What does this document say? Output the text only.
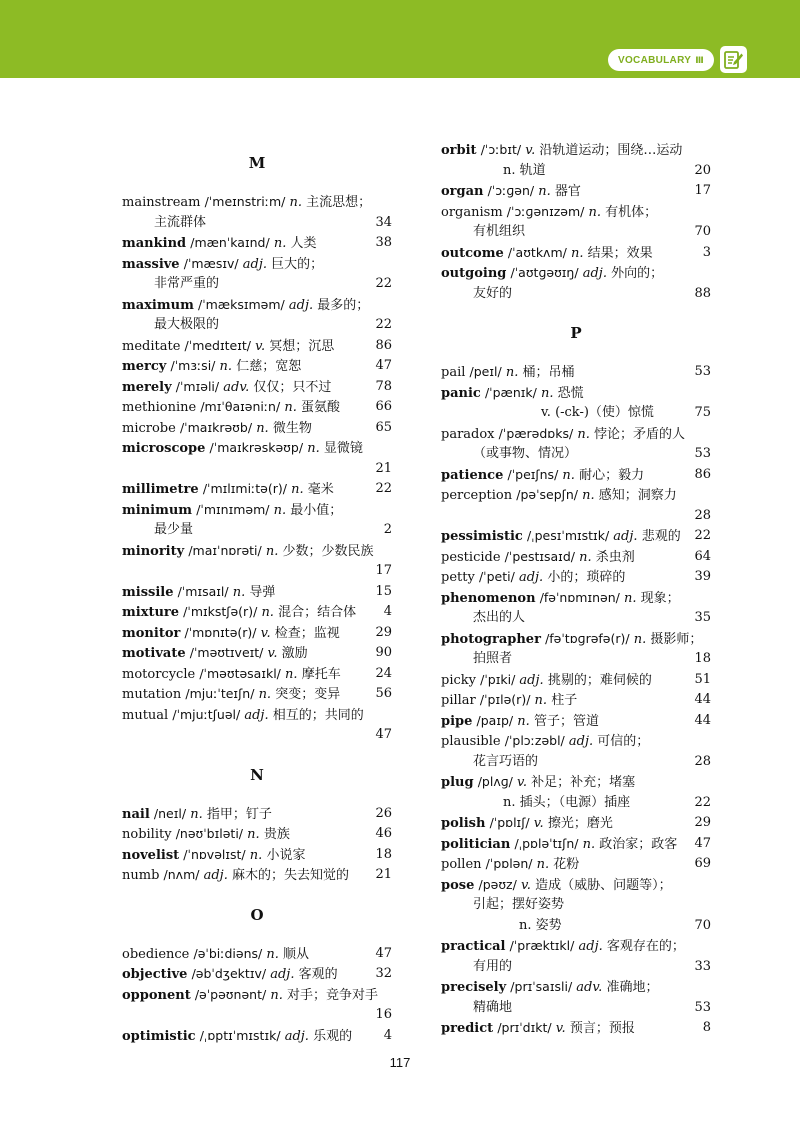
VOCABULARY Ⅲ
M
mainstream /ˈmeɪnstriːm/ n. 主流思想；
主流群体	34
mankind /mænˈkaɪnd/ n. 人类	38
massive /ˈmæsɪv/ adj. 巨大的；
非常严重的	22
maximum /ˈmæksɪməm/ adj. 最多的；
最大极限的	22
meditate /ˈmedɪteɪt/ v. 冥想；沉思	86
mercy /ˈmɜːsi/ n. 仁慈；宽恕	47
merely /ˈmɪəli/ adv. 仅仅；只不过	78
methionine /mɪˈθaɪəniːn/ n. 蛋氨酸	66
microbe /ˈmaɪkrəʊb/ n. 微生物	65
microscope /ˈmaɪkrəskəʊp/ n. 显微镜
21
millimetre /ˈmɪlɪmiːtə(r)/ n. 毫米	22
minimum /ˈmɪnɪməm/ n. 最小值；
最少量	2
minority /maɪˈnɒrəti/ n. 少数；少数民族
17
missile /ˈmɪsaɪl/ n. 导弹	15
mixture /ˈmɪkstʃə(r)/ n. 混合；结合体 4
monitor /ˈmɒnɪtə(r)/ v. 检查；监视	29
motivate /ˈməʊtɪveɪt/ v. 激励	90
motorcycle /ˈməʊtəsaɪkl/ n. 摩托车	24
mutation /mjuːˈteɪʃn/ n. 突变；变异	56
mutual /ˈmjuːtʃuəl/ adj. 相互的；共同的
47
N
nail /neɪl/ n. 指甲；钉子	26
nobility /nəʊˈbɪləti/ n. 贵族	46
novelist /ˈnɒvəlɪst/ n. 小说家	18
numb /nʌm/ adj. 麻木的；失去知觉的 21
O
obedience /əˈbiːdiəns/ n. 顺从	47
objective /əbˈdʒektɪv/ adj. 客观的	32
opponent /əˈpəʊnənt/ n. 对手；竞争对手
16
optimistic /ˌɒptɪˈmɪstɪk/ adj. 乐观的 4
orbit /ˈɔːbɪt/ v. 沿轨道运动；围绕…运动
n. 轨道	20
organ /ˈɔːɡən/ n. 器官	17
organism /ˈɔːɡənɪzəm/ n. 有机体；
有机组织	70
outcome /ˈaʊtkʌm/ n. 结果；效果	3
outgoing /ˈaʊtɡəʊɪŋ/ adj. 外向的；
友好的	88
P
pail /peɪl/ n. 桶；吊桶	53
panic /ˈpænɪk/ n. 恐慌
v. (-ck-)（使）惊慌	75
paradox /ˈpærədɒks/ n. 悖论；矛盾的人
（或事物、情况）	53
patience /ˈpeɪʃns/ n. 耐心；毅力	86
perception /pəˈsepʃn/ n. 感知；洞察力
28
pessimistic /ˌpesɪˈmɪstɪk/ adj. 悲观的 22
pesticide /ˈpestɪsaɪd/ n. 杀虫剂	64
petty /ˈpeti/ adj. 小的；琐碎的	39
phenomenon /fəˈnɒmɪnən/ n. 现象；
杰出的人	35
photographer /fəˈtɒɡrəfə(r)/ n. 摄影师；
拍照者	18
picky /ˈpɪki/ adj. 挑剔的；难伺候的	51
pillar /ˈpɪlə(r)/ n. 柱子	44
pipe /paɪp/ n. 管子；管道	44
plausible /ˈplɔːzəbl/ adj. 可信的；
花言巧语的	28
plug /plʌɡ/ v. 补足；补充；堵塞
n. 插头；（电源）插座	22
polish /ˈpɒlɪʃ/ v. 擦光；磨光	29
politician /ˌpɒləˈtɪʃn/ n. 政治家；政客 47
pollen /ˈpɒlən/ n. 花粉	69
pose /pəʊz/ v. 造成（威胁、问题等）；
引起；摆好姿势
n. 姿势	70
practical /ˈpræktɪkl/ adj. 客观存在的；
有用的	33
precisely /prɪˈsaɪsli/ adv. 准确地；
精确地	53
predict /prɪˈdɪkt/ v. 预言；预报	8
117
